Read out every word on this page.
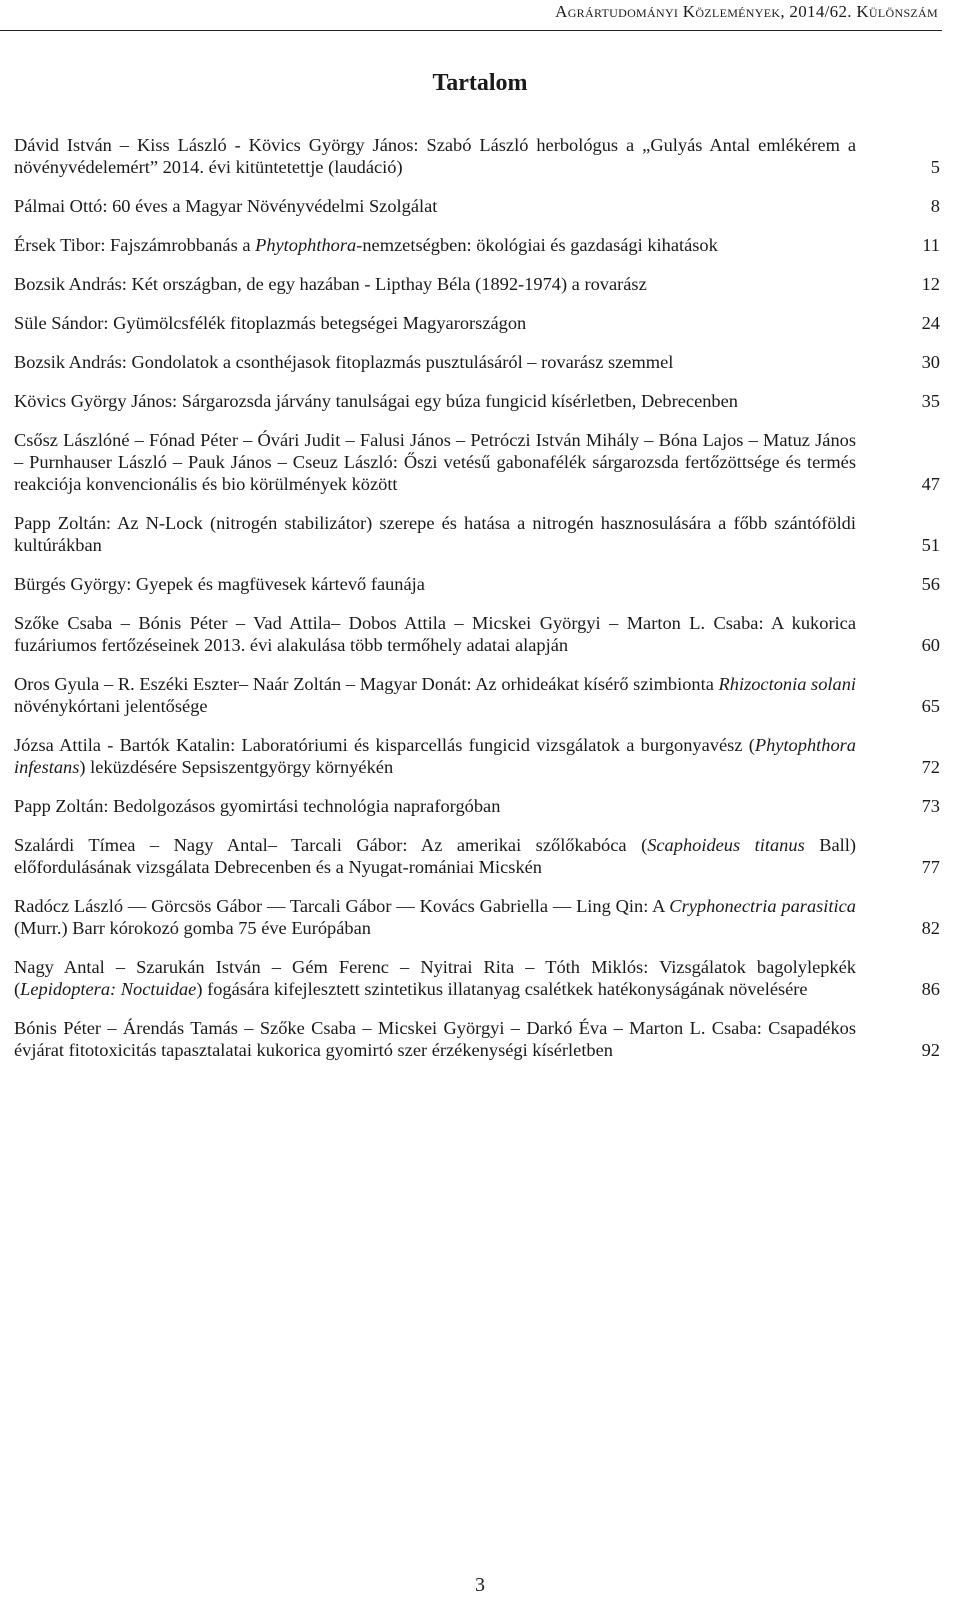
Agrártudományi Közlemények, 2014/62. Különszám
Tartalom
Dávid István – Kiss László - Kövics György János: Szabó László herbológus a „Gulyás Antal emlékérem a növényvédelemért” 2014. évi kitüntetettje (laudáció)	5
Pálmai Ottó: 60 éves a Magyar Növényvédelmi Szolgálat	8
Érsek Tibor: Fajszámrobbanás a Phytophthora-nemzetségben: ökológiai és gazdasági kihatások	11
Bozsik András: Két országban, de egy hazában - Lipthay Béla (1892-1974) a rovarász	12
Süle Sándor: Gyümölcsfélék fitoplazmás betegségei Magyarországon	24
Bozsik András: Gondolatok a csonthéjasok fitoplazmás pusztulásáról – rovarász szemmel	30
Kövics György János: Sárgarozsda járvány tanulságai egy búza fungicid kísérletben, Debrecenben	35
Csősz Lászlóné – Fónad Péter – Óvári Judit – Falusi János – Petróczi István Mihály – Bóna Lajos – Matuz János – Purnhauser László – Pauk János – Cseuz László: Őszi vetésű gabonafélék sárgarozsda fertőzöttsége és termés reakciója konvencionális és bio körülmények között	47
Papp Zoltán: Az N-Lock (nitrogén stabilizátor) szerepe és hatása a nitrogén hasznosulására a főbb szántóföldi kultúrákban	51
Bürgés György: Gyepek és magfüvesek kártevő faunája	56
Szőke Csaba – Bónis Péter – Vad Attila– Dobos Attila – Micskei Györgyi – Marton L. Csaba: A kukorica fuzáriumos fertőzéseinek 2013. évi alakulása több termőhely adatai alapján	60
Oros Gyula – R. Eszéki Eszter– Naár Zoltán – Magyar Donát: Az orhideákat kísérő szimbionta Rhizoctonia solani növénykórtani jelentősége	65
Józsa Attila - Bartók Katalin: Laboratóriumi és kisparcellás fungicid vizsgálatok a burgonyavész (Phytophthora infestans) leküzdésére Sepsiszentgyörgy környékén	72
Papp Zoltán: Bedolgozásos gyomirtási technológia napraforgóban	73
Szalárdi Tímea – Nagy Antal– Tarcali Gábor: Az amerikai szőlőkabóca (Scaphoideus titanus Ball) előfordulásának vizsgálata Debrecenben és a Nyugat-romániai Micskén	77
Radócz László — Görcsös Gábor — Tarcali Gábor — Kovács Gabriella — Ling Qin: A Cryphonectria parasitica (Murr.) Barr kórokozó gomba 75 éve Európában	82
Nagy Antal – Szarukán István – Gém Ferenc – Nyitrai Rita – Tóth Miklós: Vizsgálatok bagolylepkék (Lepidoptera: Noctuidae) fogására kifejlesztett szintetikus illatanyag csalétkek hatékonyságának növelésére	86
Bónis Péter – Árendás Tamás – Szőke Csaba – Micskei Györgyi – Darkó Éva – Marton L. Csaba: Csapadékos évjárat fitotoxicitás tapasztalatai kukorica gyomirtó szer érzékenységi kísérletben	92
3
